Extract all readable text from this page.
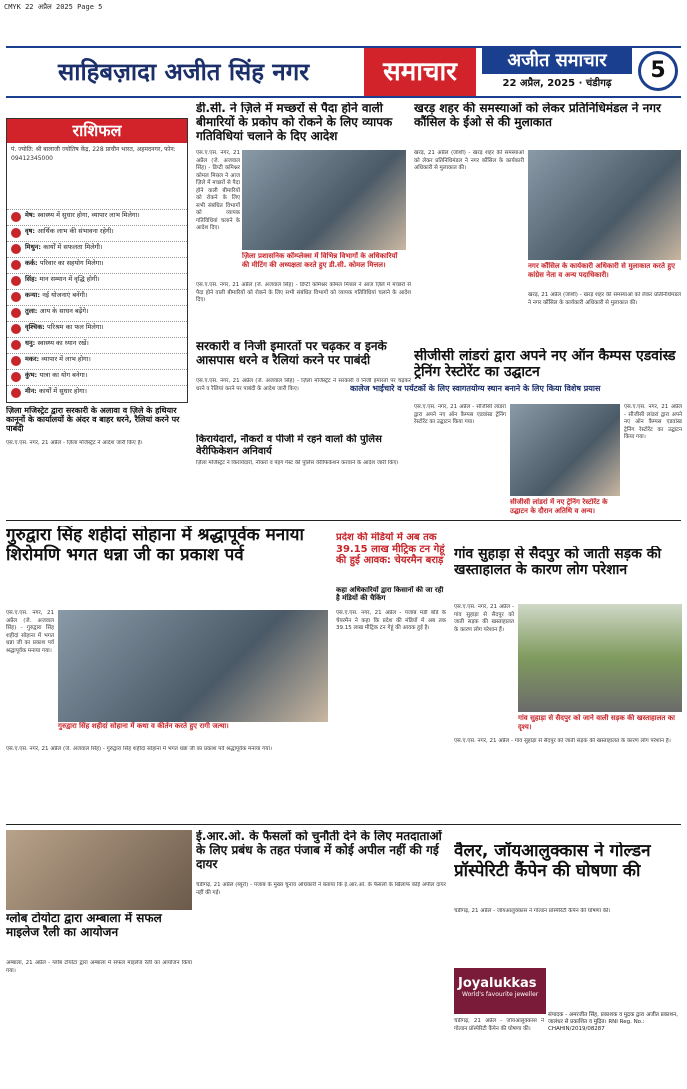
CMYK 22 अप्रैल 2025 Page 5
साहिबज़ादा अजीत सिंह नगर	समाचार	अजीत समाचार
22 अप्रैल, 2025 · चंडीगढ़
5
राशिफल
पं. ज्योति: श्री बालाजी ज्योतिष केंद्र, 228 प्राचीन भारत, अहमदनगर, फोन: 09412345000
मेष: स्वास्थ्य में सुधार होगा, व्यापार लाभ मिलेगा।
वृष: आर्थिक लाभ की संभावना रहेगी।
मिथुन: कार्यों में सफलता मिलेगी।
कर्क: परिवार का सहयोग मिलेगा।
सिंह: मान सम्मान में वृद्धि होगी।
कन्या: नई योजनाएं बनेंगी।
तुला: आय के साधन बढ़ेंगे।
वृश्चिक: परिश्रम का फल मिलेगा।
धनु: स्वास्थ्य का ध्यान रखें।
मकर: व्यापार में लाभ होगा।
कुंभ: यात्रा का योग बनेगा।
मीन: कार्यों में सुधार होगा।
डी.सी. ने ज़िले में मच्छरों से पैदा होने वाली बीमारियों के प्रकोप को रोकने के लिए व्यापक गतिविधियां चलाने के दिए आदेश
ज़िला प्रशासनिक कॉम्प्लेक्स में विभिन्न विभागों के अधिकारियों की मीटिंग की अध्यक्षता करते हुए डी.सी. कोमल मित्तल।
एस.ए.एस. नगर, 21 अप्रैल (जे. अजवाल सिंह) - डिप्टी कमिश्नर कोमल मित्तल ने आज ज़िले में मच्छरों से पैदा होने वाली बीमारियों को रोकने के लिए सभी संबंधित विभागों को व्यापक गतिविधियां चलाने के आदेश दिए।
एस.ए.एस. नगर, 21 अप्रैल (जे. अजवाल सिंह) - डिप्टी कमिश्नर कोमल मित्तल ने आज ज़िले में मच्छरों से पैदा होने वाली बीमारियों को रोकने के लिए सभी संबंधित विभागों को व्यापक गतिविधियां चलाने के आदेश दिए।
खरड़ शहर की समस्याओं को लेकर प्रतिनिधिमंडल ने नगर कौंसिल के ईओ से की मुलाकात
खरड़, 21 अप्रैल (जोशी) - खरड़ शहर की समस्याओं को लेकर प्रतिनिधिमंडल ने नगर कौंसिल के कार्यकारी अधिकारी से मुलाकात की।
नगर कौंसिल के कार्यकारी अधिकारी से मुलाकात करते हुए कांग्रेस नेता व अन्य पदाधिकारी।
खरड़, 21 अप्रैल (जोशी) - खरड़ शहर की समस्याओं को लेकर प्रतिनिधिमंडल ने नगर कौंसिल के कार्यकारी अधिकारी से मुलाकात की।
सरकारी व निजी इमारतों पर चढ़कर व इनके आसपास धरने व रैलियां करने पर पाबंदी
एस.ए.एस. नगर, 21 अप्रैल (जे. अजवाल सिंह) - ज़िला मजिस्ट्रेट ने सरकारी व निजी इमारतों पर चढ़कर धरने व रैलियां करने पर पाबंदी के आदेश जारी किए।
किरायेदारों, नौकरों व पीजी में रहने वालों की पुलिस वेरीफिकेशन अनिवार्य
ज़िला मजिस्ट्रेट ने किरायेदारों, नौकरों व पेइंग गेस्ट की पुलिस वेरीफिकेशन करवाने के आदेश जारी किए।
ज़िला मजिस्ट्रेट द्वारा सरकारी के अलावा व ज़िले के हथियार कानूनों के कार्यालयों के अंदर व बाहर धरने, रैलियां करने पर पाबंदी
एस.ए.एस. नगर, 21 अप्रैल - ज़िला मजिस्ट्रेट ने आदेश जारी किए हैं।
सीजीसी लांडरां द्वारा अपने नए ऑन कैम्पस एडवांस्ड ट्रेनिंग रेस्टोरेंट का उद्घाटन
कालेज भाईचारे व पर्यटकों के लिए स्वागतयोग्य स्थान बनाने के लिए किया विशेष प्रयास
एस.ए.एस. नगर, 21 अप्रैल - सीजीसी लांडरां द्वारा अपने नए ऑन कैम्पस एडवांस्ड ट्रेनिंग रेस्टोरेंट का उद्घाटन किया गया।
सीजीसी लांडरां में नए ट्रेनिंग रेस्टोरेंट के उद्घाटन के दौरान अतिथि व अन्य।
एस.ए.एस. नगर, 21 अप्रैल - सीजीसी लांडरां द्वारा अपने नए ऑन कैम्पस एडवांस्ड ट्रेनिंग रेस्टोरेंट का उद्घाटन किया गया।
गुरुद्वारा सिंह शहीदां सोहाना में श्रद्धापूर्वक मनाया शिरोमणि भगत धन्ना जी का प्रकाश पर्व
एस.ए.एस. नगर, 21 अप्रैल (जे. अजवाल सिंह) - गुरुद्वारा सिंह शहीदां सोहाना में भगत धन्ना जी का प्रकाश पर्व श्रद्धापूर्वक मनाया गया।
गुरुद्वारा सिंह शहीदां सोहाना में कथा व कीर्तन करते हुए रागी जत्था।
एस.ए.एस. नगर, 21 अप्रैल (जे. अजवाल सिंह) - गुरुद्वारा सिंह शहीदां सोहाना में भगत धन्ना जी का प्रकाश पर्व श्रद्धापूर्वक मनाया गया।
प्रदेश की मंडियों में अब तक 39.15 लाख मीट्रिक टन गेहूं की हुई आवक: चेयरमैन बराड़
कहा अधिकारियों द्वारा किसानों की जा रही है मंडियों की चैकिंग
एस.ए.एस. नगर, 21 अप्रैल - पंजाब मंडी बोर्ड के चेयरमैन ने कहा कि प्रदेश की मंडियों में अब तक 39.15 लाख मीट्रिक टन गेहूं की आवक हुई है।
गांव सुहाड़ा से सैदपुर को जाती सड़क की खस्ताहालत के कारण लोग परेशान
एस.ए.एस. नगर, 21 अप्रैल - गांव सुहाड़ा से सैदपुर को जाती सड़क की खस्ताहालत के कारण लोग परेशान हैं।
गांव सुहाड़ा से सैदपुर को जाने वाली सड़क की खस्ताहालत का दृश्य।
एस.ए.एस. नगर, 21 अप्रैल - गांव सुहाड़ा से सैदपुर को जाती सड़क की खस्ताहालत के कारण लोग परेशान हैं।
ई.आर.ओ. के फैसलों को चुनौती देने के लिए मतदाताओं के लिए प्रबंध के तहत पंजाब में कोई अपील नहीं की गई दायर
चंडीगढ़, 21 अप्रैल (ब्यूरो) - पंजाब के मुख्य चुनाव अधिकारी ने बताया कि ई.आर.ओ. के फैसलों के खिलाफ कोई अपील दायर नहीं की गई।
ग्लोब टोयोटा द्वारा अम्बाला में सफल माइलेज रैली का आयोजन
अम्बाला, 21 अप्रैल - ग्लोब टोयोटा द्वारा अम्बाला में सफल माइलेज रैली का आयोजन किया गया।
वैलर, जॉयआलुक्कास ने गोल्डन प्रॉस्पेरिटी कैंपेन की घोषणा की
चंडीगढ़, 21 अप्रैल - जॉयआलुक्कास ने गोल्डन प्रॉस्पेरिटी कैंपेन की घोषणा की।
Joyalukkas
World's favourite jeweller
चंडीगढ़, 21 अप्रैल - जॉयआलुक्कास ने गोल्डन प्रॉस्पेरिटी कैंपेन की घोषणा की।
संपादक - अमरजीत सिंह, प्रकाशक व मुद्रक द्वारा अजीत प्रकाशन, जालंधर से प्रकाशित व मुद्रित। RNI Reg. No.: CHAHIN/2019/08287
